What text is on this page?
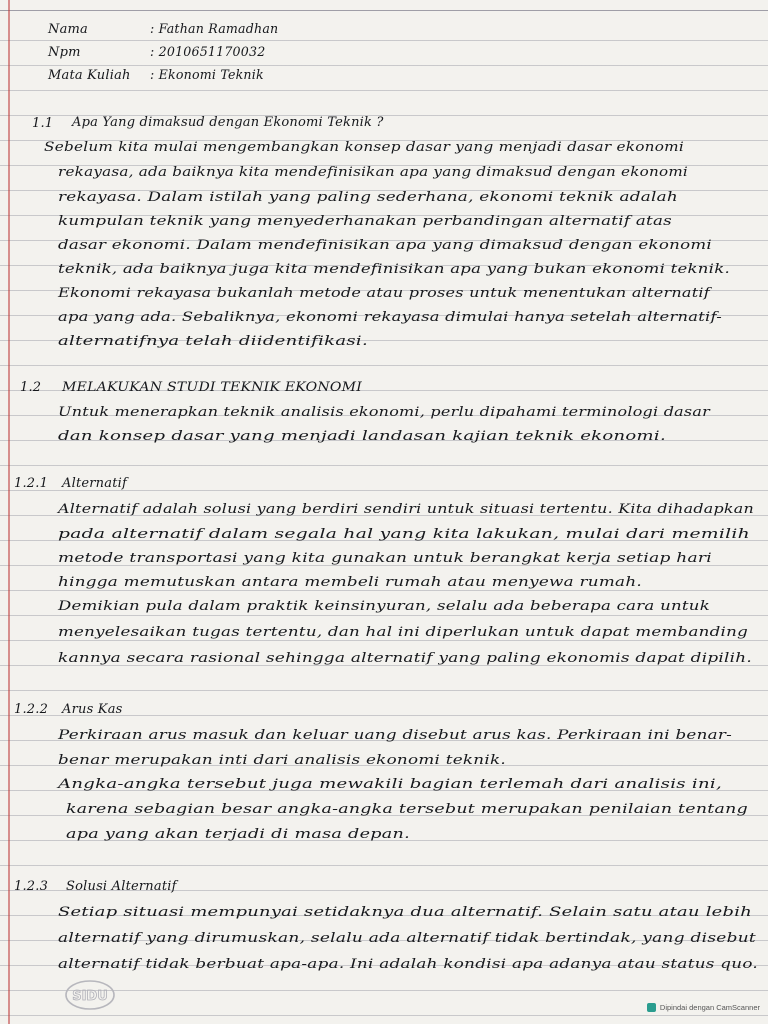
Nama	: Fathan Ramadhan
Npm	: 2010651170032
Mata Kuliah : Ekonomi Teknik
1.1 Apa Yang dimaksud dengan Ekonomi Teknik ?
Sebelum kita mulai mengembangkan konsep dasar yang menjadi dasar ekonomi
rekayasa, ada baiknya kita mendefinisikan apa yang dimaksud dengan ekonomi
rekayasa. Dalam istilah yang paling sederhana, ekonomi teknik adalah
kumpulan teknik yang menyederhanakan perbandingan alternatif atas
dasar ekonomi. Dalam mendefinisikan apa yang dimaksud dengan ekonomi
teknik, ada baiknya juga kita mendefinisikan apa yang bukan ekonomi teknik.
Ekonomi rekayasa bukanlah metode atau proses untuk menentukan alternatif
apa yang ada. Sebaliknya, ekonomi rekayasa dimulai hanya setelah alternatif-
alternatifnya telah diidentifikasi.
1.2 MELAKUKAN STUDI TEKNIK EKONOMI
Untuk menerapkan teknik analisis ekonomi, perlu dipahami terminologi dasar
dan konsep dasar yang menjadi landasan kajian teknik ekonomi.
1.2.1 Alternatif
Alternatif adalah solusi yang berdiri sendiri untuk situasi tertentu. Kita dihadapkan
pada alternatif dalam segala hal yang kita lakukan, mulai dari memilih
metode transportasi yang kita gunakan untuk berangkat kerja setiap hari
hingga memutuskan antara membeli rumah atau menyewa rumah.
Demikian pula dalam praktik keinsinyuran, selalu ada beberapa cara untuk
menyelesaikan tugas tertentu, dan hal ini diperlukan untuk dapat membanding
kannya secara rasional sehingga alternatif yang paling ekonomis dapat dipilih.
1.2.2 Arus Kas
Perkiraan arus masuk dan keluar uang disebut arus kas. Perkiraan ini benar-
benar merupakan inti dari analisis ekonomi teknik.
Angka-angka tersebut juga mewakili bagian terlemah dari analisis ini,
karena sebagian besar angka-angka tersebut merupakan penilaian tentang
apa yang akan terjadi di masa depan.
1.2.3 Solusi Alternatif
Setiap situasi mempunyai setidaknya dua alternatif. Selain satu atau lebih
alternatif yang dirumuskan, selalu ada alternatif tidak bertindak, yang disebut
alternatif tidak berbuat apa-apa. Ini adalah kondisi apa adanya atau status quo.
SIDU
Dipindai dengan CamScanner
